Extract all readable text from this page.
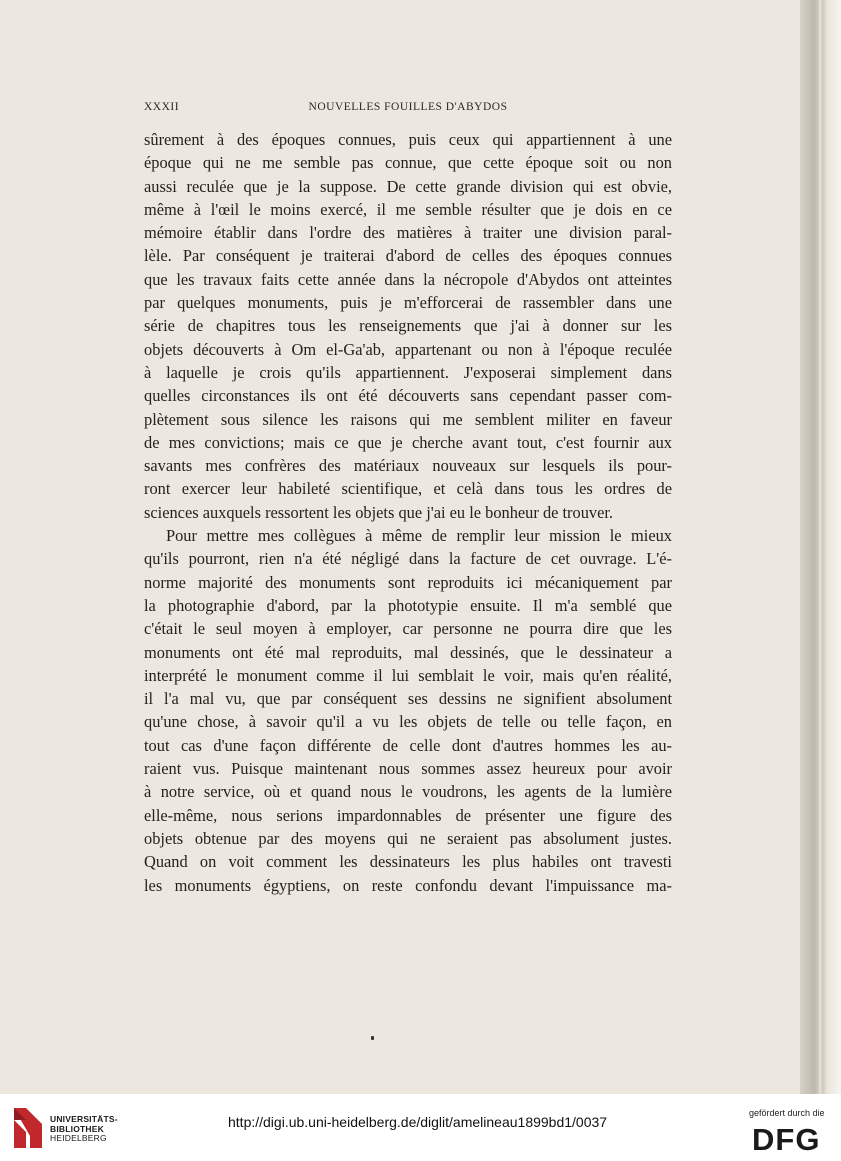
XXXII	NOUVELLES FOUILLES D'ABYDOS
sûrement à des époques connues, puis ceux qui appartiennent à une
époque qui ne me semble pas connue, que cette époque soit ou non
aussi reculée que je la suppose. De cette grande division qui est obvie,
même à l'œil le moins exercé, il me semble résulter que je dois en ce
mémoire établir dans l'ordre des matières à traiter une division paral-
lèle. Par conséquent je traiterai d'abord de celles des époques connues
que les travaux faits cette année dans la nécropole d'Abydos ont atteintes
par quelques monuments, puis je m'efforcerai de rassembler dans une
série de chapitres tous les renseignements que j'ai à donner sur les
objets découverts à Om el-Ga'ab, appartenant ou non à l'époque reculée
à laquelle je crois qu'ils appartiennent. J'exposerai simplement dans
quelles circonstances ils ont été découverts sans cependant passer com-
plètement sous silence les raisons qui me semblent militer en faveur
de mes convictions; mais ce que je cherche avant tout, c'est fournir aux
savants mes confrères des matériaux nouveaux sur lesquels ils pour-
ront exercer leur habileté scientifique, et celà dans tous les ordres de
sciences auxquels ressortent les objets que j'ai eu le bonheur de trouver.
Pour mettre mes collègues à même de remplir leur mission le mieux
qu'ils pourront, rien n'a été négligé dans la facture de cet ouvrage. L'é-
norme majorité des monuments sont reproduits ici mécaniquement par
la photographie d'abord, par la phototypie ensuite. Il m'a semblé que
c'était le seul moyen à employer, car personne ne pourra dire que les
monuments ont été mal reproduits, mal dessinés, que le dessinateur a
interprété le monument comme il lui semblait le voir, mais qu'en réalité,
il l'a mal vu, que par conséquent ses dessins ne signifient absolument
qu'une chose, à savoir qu'il a vu les objets de telle ou telle façon, en
tout cas d'une façon différente de celle dont d'autres hommes les au-
raient vus. Puisque maintenant nous sommes assez heureux pour avoir
à notre service, où et quand nous le voudrons, les agents de la lumière
elle-même, nous serions impardonnables de présenter une figure des
objets obtenue par des moyens qui ne seraient pas absolument justes.
Quand on voit comment les dessinateurs les plus habiles ont travesti
les monuments égyptiens, on reste confondu devant l'impuissance ma-
UNIVERSITÄTS-
BIBLIOTHEK
HEIDELBERG
http://digi.ub.uni-heidelberg.de/diglit/amelineau1899bd1/0037
gefördert durch die
DFG
